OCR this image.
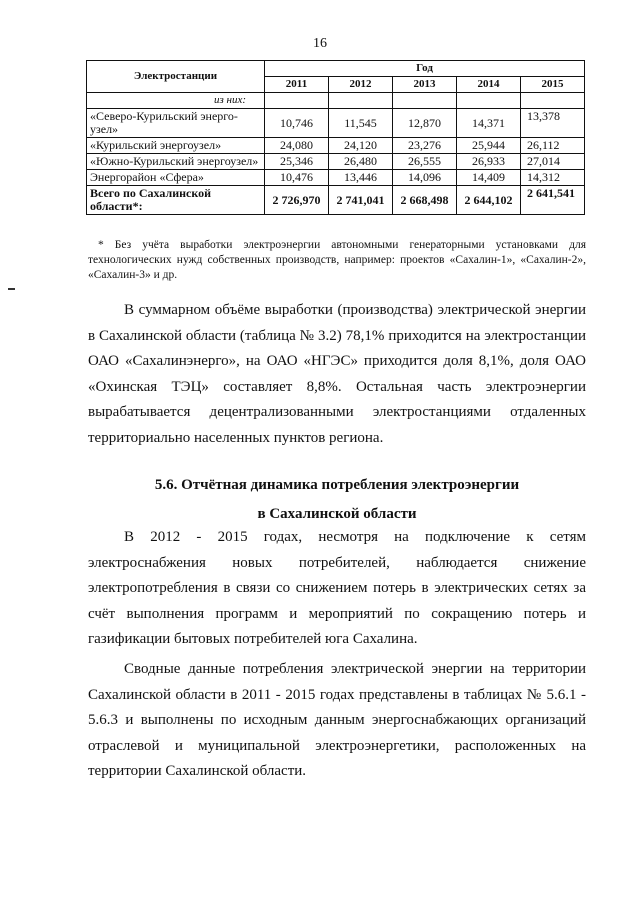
16
Электростанции	Год				
	2011	2012	2013	2014	2015
из них:					
«Северо-Курильский энерго-узел»	10,746	11,545	12,870	14,371	13,378
«Курильский энергоузел»	24,080	24,120	23,276	25,944	26,112
«Южно-Курильский энергоузел»	25,346	26,480	26,555	26,933	27,014
Энергорайон «Сфера»	10,476	13,446	14,096	14,409	14,312
Всего по Сахалинской области*:	2 726,970	2 741,041	2 668,498	2 644,102	2 641,541
* Без учёта выработки электроэнергии автономными генераторными установками для технологических нужд собственных производств, например: проектов «Сахалин-1», «Сахалин-2», «Сахалин-3» и др.
В суммарном объёме выработки (производства) электрической энергии в Сахалинской области (таблица № 3.2) 78,1% приходится на электростанции ОАО «Сахалинэнерго», на ОАО «НГЭС» приходится доля 8,1%, доля ОАО «Охинская ТЭЦ» составляет 8,8%. Остальная часть электроэнергии вырабатывается децентрализованными электростанциями отдаленных территориально населенных пунктов региона.
5.6. Отчётная динамика потребления электроэнергии
в Сахалинской области
В 2012 - 2015 годах, несмотря на подключение к сетям электроснабжения новых потребителей, наблюдается снижение электропотребления в связи со снижением потерь в электрических сетях за счёт выполнения программ и мероприятий по сокращению потерь и газификации бытовых потребителей юга Сахалина.
Сводные данные потребления электрической энергии на территории Сахалинской области в 2011 - 2015 годах представлены в таблицах № 5.6.1 - 5.6.3 и выполнены по исходным данным энергоснабжающих организаций отраслевой и муниципальной электроэнергетики, расположенных на территории Сахалинской области.
